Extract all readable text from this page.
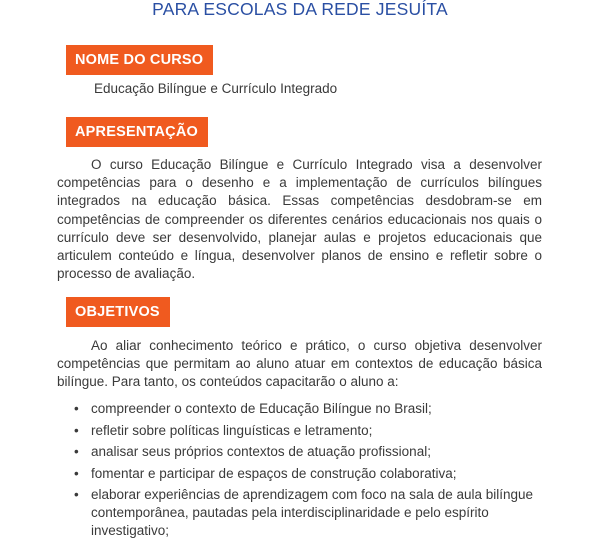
PARA ESCOLAS DA REDE JESUÍTA
NOME DO CURSO
Educação Bilíngue e Currículo Integrado
APRESENTAÇÃO

O curso Educação Bilíngue e Currículo Integrado visa a desenvolver competências para o desenho e a implementação de currículos bilíngues integrados na educação básica. Essas competências desdobram-se em competências de compreender os diferentes cenários educacionais nos quais o currículo deve ser desenvolvido, planejar aulas e projetos educacionais que articulem conteúdo e língua, desenvolver planos de ensino e refletir sobre o processo de avaliação.

OBJETIVOS

Ao aliar conhecimento teórico e prático, o curso objetiva desenvolver competências que permitam ao aluno atuar em contextos de educação básica bilíngue. Para tanto, os conteúdos capacitarão o aluno a:

• compreender o contexto de Educação Bilíngue no Brasil;
• refletir sobre políticas linguísticas e letramento;
• analisar seus próprios contextos de atuação profissional;
• fomentar e participar de espaços de construção colaborativa;
• elaborar experiências de aprendizagem com foco na sala de aula bilíngue contemporânea, pautadas pela interdisciplinaridade e pelo espírito investigativo;
